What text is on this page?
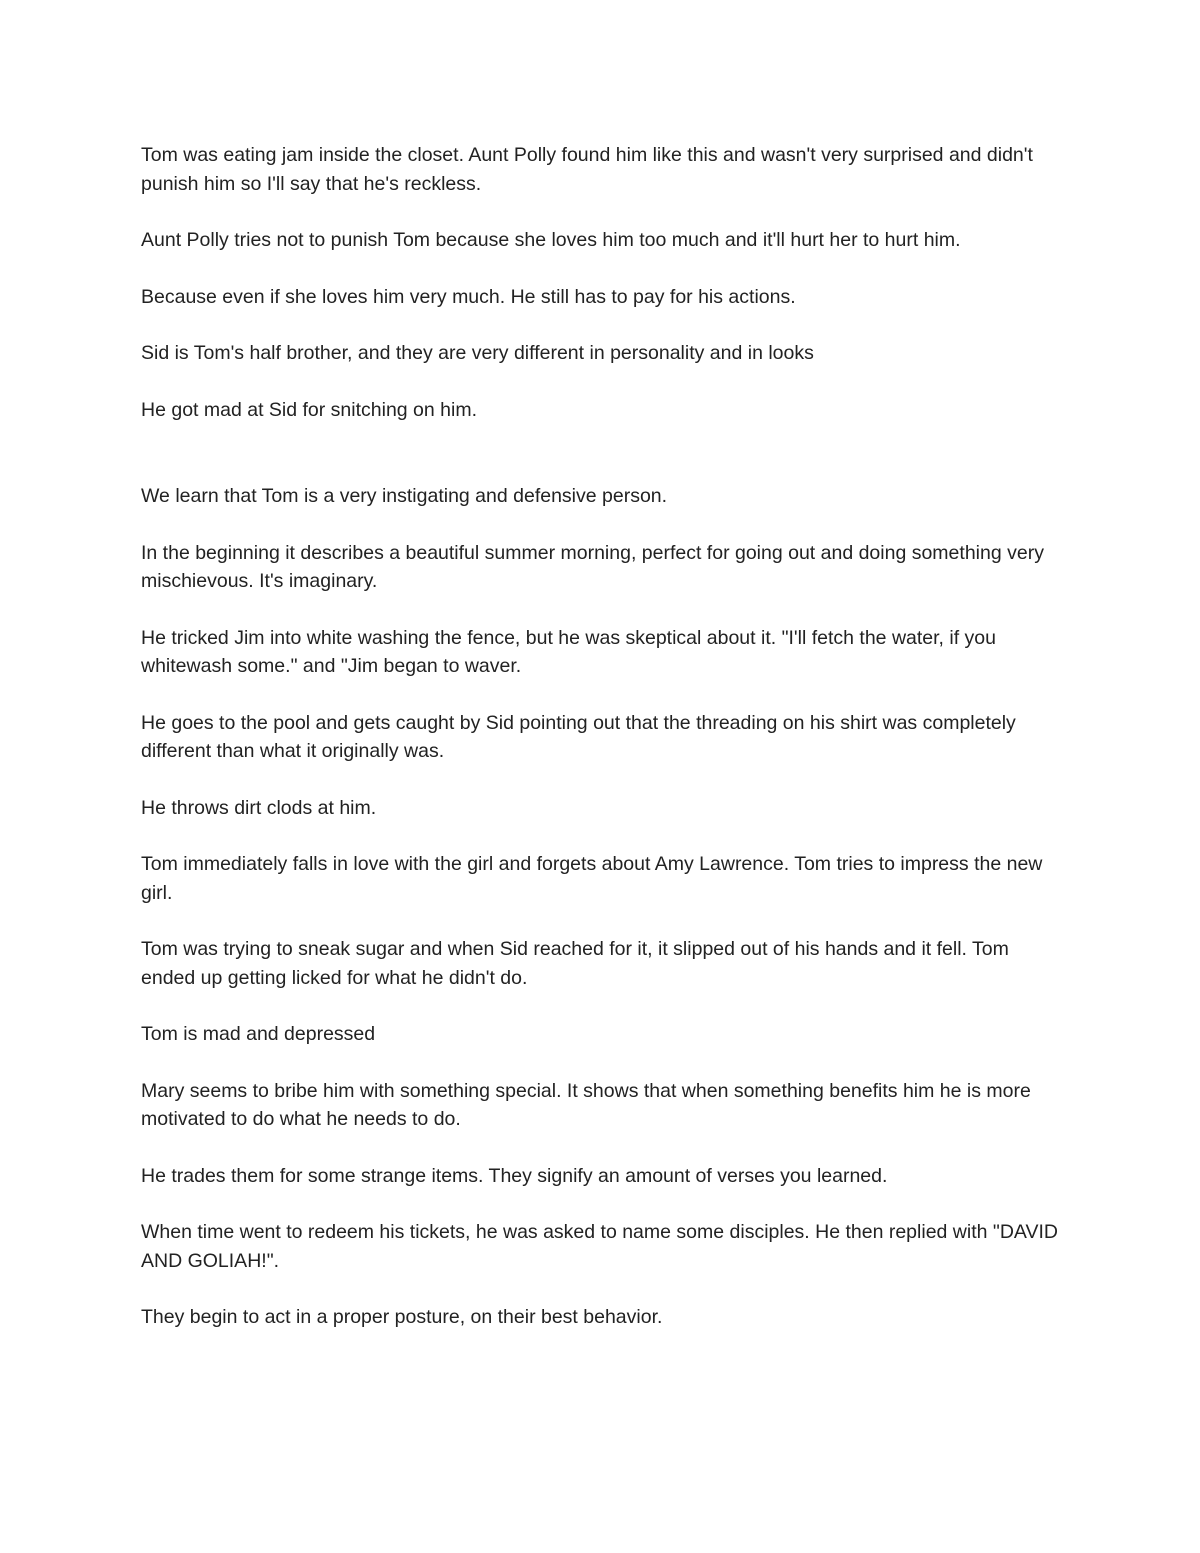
Tom was eating jam inside the closet. Aunt Polly found him like this and wasn't very surprised and didn't punish him so I'll say that he's reckless.

Aunt Polly tries not to punish Tom because she loves him too much and it'll hurt her to hurt him.

Because even if she loves him very much. He still has to pay for his actions.

Sid is Tom's half brother, and they are very different in personality and in looks

He got mad at Sid for snitching on him.

We learn that Tom is a very instigating and defensive person.

In the beginning it describes a beautiful summer morning, perfect for going out and doing something very mischievous. It's imaginary.

He tricked Jim into white washing the fence, but he was skeptical about it. "I'll fetch the water, if you whitewash some." and "Jim began to waver.

He goes to the pool and gets caught by Sid pointing out that the threading on his shirt was completely different than what it originally was.

He throws dirt clods at him.

Tom immediately falls in love with the girl and forgets about Amy Lawrence. Tom tries to impress the new girl.

Tom was trying to sneak sugar and when Sid reached for it, it slipped out of his hands and it fell. Tom ended up getting licked for what he didn't do.

Tom is mad and depressed

Mary seems to bribe him with something special. It shows that when something benefits him he is more motivated to do what he needs to do.

He trades them for some strange items. They signify an amount of verses you learned.

When time went to redeem his tickets, he was asked to name some disciples. He then replied with "DAVID AND GOLIAH!".

They begin to act in a proper posture, on their best behavior.
